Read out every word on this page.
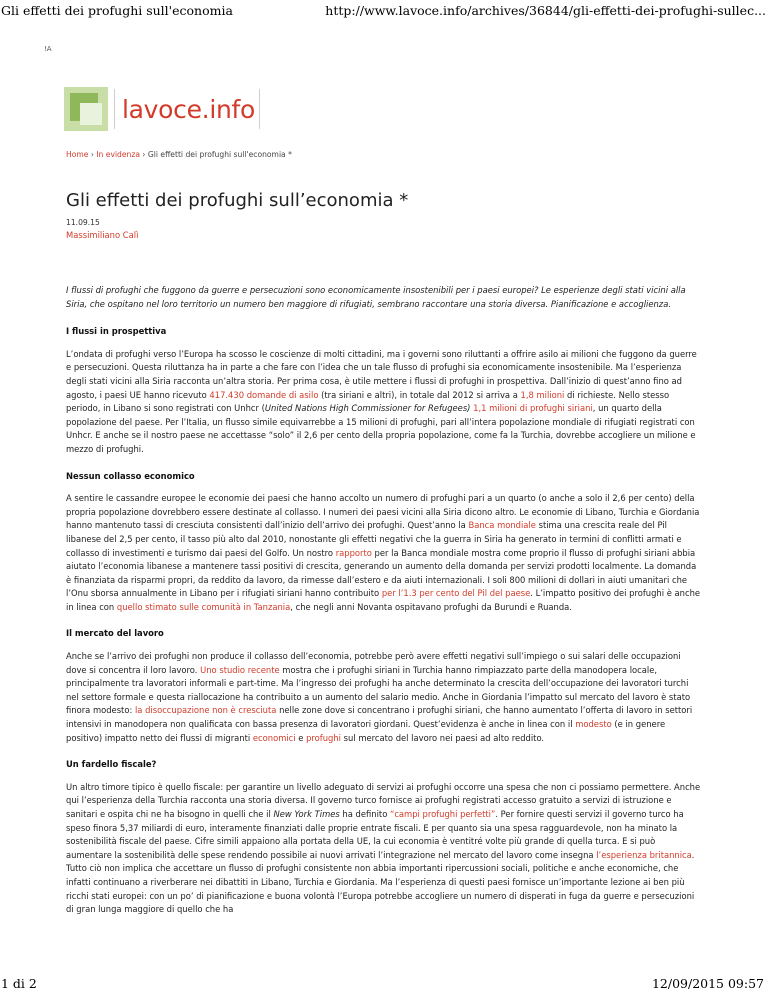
Gli effetti dei profughi sull'economia	http://www.lavoce.info/archives/36844/gli-effetti-dei-profughi-sullec...
!A
lavoce.info
Home › In evidenza › Gli effetti dei profughi sull'economia *
Gli effetti dei profughi sull’economia *
11.09.15
Massimiliano Calì

I flussi di profughi che fuggono da guerre e persecuzioni sono economicamente insostenibili per i paesi europei? Le esperienze degli stati vicini alla Siria, che ospitano nel loro territorio un numero ben maggiore di rifugiati, sembrano raccontare una storia diversa. Pianificazione e accoglienza.

I flussi in prospettiva

L’ondata di profughi verso l’Europa ha scosso le coscienze di molti cittadini, ma i governi sono riluttanti a offrire asilo ai milioni che fuggono da guerre e persecuzioni. Questa riluttanza ha in parte a che fare con l’idea che un tale flusso di profughi sia economicamente insostenibile. Ma l’esperienza degli stati vicini alla Siria racconta un’altra storia. Per prima cosa, è utile mettere i flussi di profughi in prospettiva. Dall’inizio di quest’anno fino ad agosto, i paesi UE hanno ricevuto 417.430 domande di asilo (tra siriani e altri), in totale dal 2012 si arriva a 1,8 milioni di richieste. Nello stesso periodo, in Libano si sono registrati con Unhcr (United Nations High Commissioner for Refugees) 1,1 milioni di profughi siriani, un quarto della popolazione del paese. Per l’Italia, un flusso simile equivarrebbe a 15 milioni di profughi, pari all’intera popolazione mondiale di rifugiati registrati con Unhcr. E anche se il nostro paese ne accettasse “solo” il 2,6 per cento della propria popolazione, come fa la Turchia, dovrebbe accogliere un milione e mezzo di profughi.

Nessun collasso economico

A sentire le cassandre europee le economie dei paesi che hanno accolto un numero di profughi pari a un quarto (o anche a solo il 2,6 per cento) della propria popolazione dovrebbero essere destinate al collasso. I numeri dei paesi vicini alla Siria dicono altro. Le economie di Libano, Turchia e Giordania hanno mantenuto tassi di cresciuta consistenti dall’inizio dell’arrivo dei profughi. Quest’anno la Banca mondiale stima una crescita reale del Pil libanese del 2,5 per cento, il tasso più alto dal 2010, nonostante gli effetti negativi che la guerra in Siria ha generato in termini di conflitti armati e collasso di investimenti e turismo dai paesi del Golfo. Un nostro rapporto per la Banca mondiale mostra come proprio il flusso di profughi siriani abbia aiutato l’economia libanese a mantenere tassi positivi di crescita, generando un aumento della domanda per servizi prodotti localmente. La domanda è finanziata da risparmi propri, da reddito da lavoro, da rimesse dall’estero e da aiuti internazionali. I soli 800 milioni di dollari in aiuti umanitari che l’Onu sborsa annualmente in Libano per i rifugiati siriani hanno contribuito per l’1.3 per cento del Pil del paese. L’impatto positivo dei profughi è anche in linea con quello stimato sulle comunità in Tanzania, che negli anni Novanta ospitavano profughi da Burundi e Ruanda.

Il mercato del lavoro

Anche se l’arrivo dei profughi non produce il collasso dell’economia, potrebbe però avere effetti negativi sull’impiego o sui salari delle occupazioni dove si concentra il loro lavoro. Uno studio recente mostra che i profughi siriani in Turchia hanno rimpiazzato parte della manodopera locale, principalmente tra lavoratori informali e part-time. Ma l’ingresso dei profughi ha anche determinato la crescita dell’occupazione dei lavoratori turchi nel settore formale e questa riallocazione ha contribuito a un aumento del salario medio. Anche in Giordania l’impatto sul mercato del lavoro è stato finora modesto: la disoccupazione non è cresciuta nelle zone dove si concentrano i profughi siriani, che hanno aumentato l’offerta di lavoro in settori intensivi in manodopera non qualificata con bassa presenza di lavoratori giordani. Quest’evidenza è anche in linea con il modesto (e in genere positivo) impatto netto dei flussi di migranti economici e profughi sul mercato del lavoro nei paesi ad alto reddito.

Un fardello fiscale?

Un altro timore tipico è quello fiscale: per garantire un livello adeguato di servizi ai profughi occorre una spesa che non ci possiamo permettere. Anche qui l’esperienza della Turchia racconta una storia diversa. Il governo turco fornisce ai profughi registrati accesso gratuito a servizi di istruzione e sanitari e ospita chi ne ha bisogno in quelli che il New York Times ha definito “campi profughi perfetti”. Per fornire questi servizi il governo turco ha speso finora 5,37 miliardi di euro, interamente finanziati dalle proprie entrate fiscali. E per quanto sia una spesa ragguardevole, non ha minato la sostenibilità fiscale del paese. Cifre simili appaiono alla portata della UE, la cui economia è ventitré volte più grande di quella turca. E si può aumentare la sostenibilità delle spese rendendo possibile ai nuovi arrivati l’integrazione nel mercato del lavoro come insegna l’esperienza britannica. Tutto ciò non implica che accettare un flusso di profughi consistente non abbia importanti ripercussioni sociali, politiche e anche economiche, che infatti continuano a riverberare nei dibattiti in Libano, Turchia e Giordania. Ma l’esperienza di questi paesi fornisce un’importante lezione ai ben più ricchi stati europei: con un po’ di pianificazione e buona volontà l’Europa potrebbe accogliere un numero di disperati in fuga da guerre e persecuzioni di gran lunga maggiore di quello che ha

1 di 2	12/09/2015 09:57
